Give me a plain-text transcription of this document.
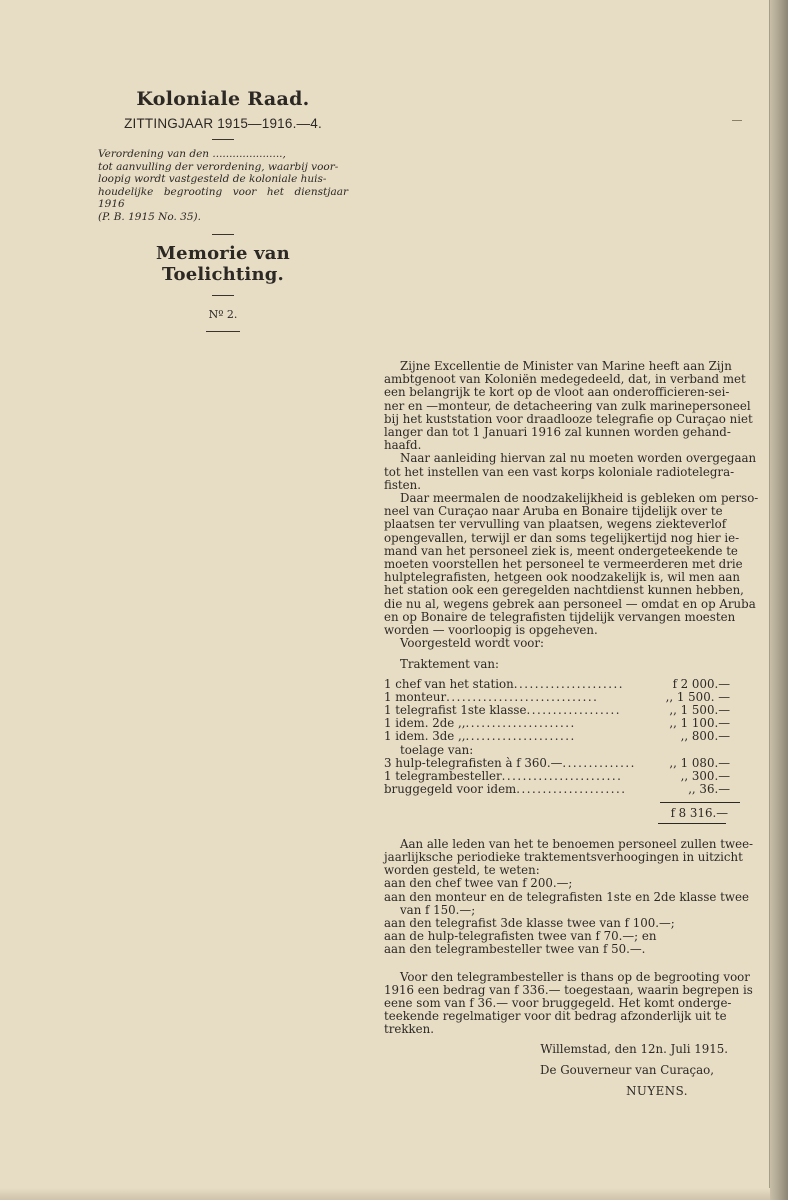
Koloniale Raad.
ZITTINGJAAR 1915—1916.—4.

Verordening van den .....................,
tot aanvulling der verordening, waarbij voor-
loopig wordt vastgesteld de koloniale huis-
houdelijke begrooting voor het dienstjaar 1916
(P. B. 1915 No. 35).

Memorie van Toelichting.
Nº 2.
Zijne Excellentie de Minister van Marine heeft aan Zijn
ambtgenoot van Koloniën medegedeeld, dat, in verband met
een belangrijk te kort op de vloot aan onderofficieren-sei-
ner en —monteur, de detacheering van zulk marinepersoneel
bij het kuststation voor draadlooze telegrafie op Curaçao niet
langer dan tot 1 Januari 1916 zal kunnen worden gehand-
haafd.
Naar aanleiding hiervan zal nu moeten worden overgegaan
tot het instellen van een vast korps koloniale radiotelegra-
fisten.
Daar meermalen de noodzakelijkheid is gebleken om perso-
neel van Curaçao naar Aruba en Bonaire tijdelijk over te
plaatsen ter vervulling van plaatsen, wegens ziekteverlof
opengevallen, terwijl er dan soms tegelijkertijd nog hier ie-
mand van het personeel ziek is, meent ondergeteekende te
moeten voorstellen het personeel te vermeerderen met drie
hulptelegrafisten, hetgeen ook noodzakelijk is, wil men aan
het station ook een geregelden nachtdienst kunnen hebben,
die nu al, wegens gebrek aan personeel — omdat en op Aruba
en op Bonaire de telegrafisten tijdelijk vervangen moesten
worden — voorloopig is opgeheven.
Voorgesteld wordt voor:
Traktement van:
1 chef van het station.....................	f 2 000.—
1 monteur.............................	,, 1 500. —
1 telegrafist 1ste klasse..................	,, 1 500.—
1 idem. 2de ,,.....................	,, 1 100.—
1 idem. 3de ,,.....................	,, 800.—
toelage van:	
3 hulp-telegrafisten à f 360.—..............	,, 1 080.—
1 telegrambesteller.......................	,, 300.—
bruggegeld voor idem.....................	,, 36.—
f 8 316.—
Aan alle leden van het te benoemen personeel zullen twee-
jaarlijksche periodieke traktementsverhoogingen in uitzicht
worden gesteld, te weten:
aan den chef twee van f 200.—;
aan den monteur en de telegrafisten 1ste en 2de klasse twee
van f 150.—;
aan den telegrafist 3de klasse twee van f 100.—;
aan de hulp-telegrafisten twee van f 70.—; en
aan den telegrambesteller twee van f 50.—.
Voor den telegrambesteller is thans op de begrooting voor
1916 een bedrag van f 336.— toegestaan, waarin begrepen is
eene som van f 36.— voor bruggegeld. Het komt onderge-
teekende regelmatiger voor dit bedrag afzonderlijk uit te
trekken.
Willemstad, den 12n. Juli 1915.
De Gouverneur van Curaçao,
NUYENS.
